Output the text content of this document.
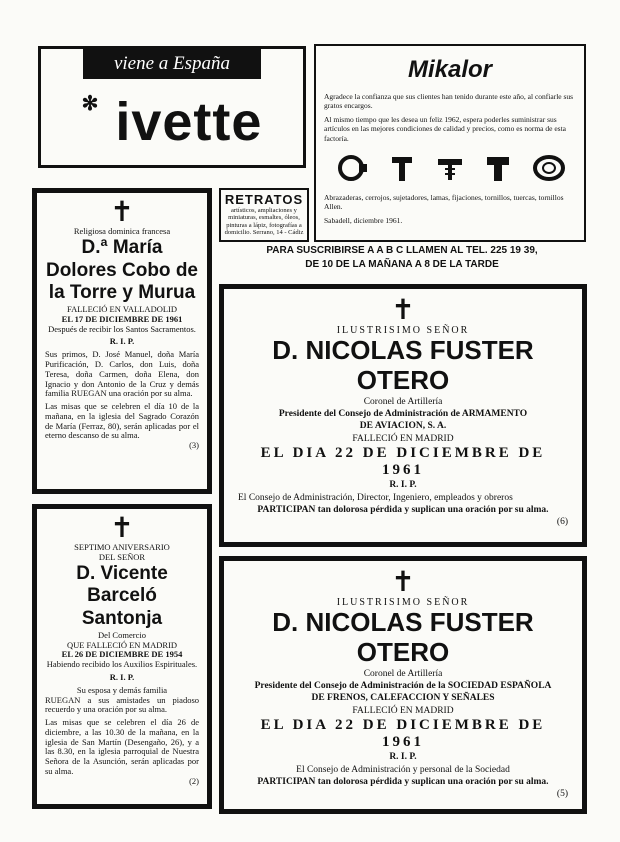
viene a España
✻ ivette
Mikalor

Agradece la confianza que sus clientes han tenido durante este año, al confiarle sus gratos encargos.

Al mismo tiempo que les desea un feliz 1962, espera poderles suministrar sus artículos en las mejores condiciones de calidad y precios, como es norma de esta factoría.

Abrazaderas, cerrojos, sujetadores, lamas, fijaciones, tornillos, tuercas, tornillos Allen.

Sabadell, diciembre 1961.

RETRATOS
artísticos, ampliaciones y miniaturas, esmaltes, óleos, pinturas a lápiz, fotografías a domicilio. Serrano, 14 - Cádiz
✝

Religiosa dominica francesa

D.ª María Dolores Cobo de la Torre y Murua

FALLECIÓ EN VALLADOLID

EL 17 DE DICIEMBRE DE 1961

Después de recibir los Santos Sacramentos.

R. I. P.

Sus primos, D. José Manuel, doña María Purificación, D. Carlos, don Luis, doña Teresa, doña Carmen, doña Elena, don Ignacio y don Antonio de la Cruz y demás familia RUEGAN una oración por su alma.

Las misas que se celebren el día 10 de la mañana, en la iglesia del Sagrado Corazón de María (Ferraz, 80), serán aplicadas por el eterno descanso de su alma.

(3)

✝

SEPTIMO ANIVERSARIO

DEL SEÑOR

D. Vicente Barceló Santonja

Del Comercio

QUE FALLECIÓ EN MADRID

EL 26 DE DICIEMBRE DE 1954

Habiendo recibido los Auxilios Espirituales.

R. I. P.

Su esposa y demás familia

RUEGAN a sus amistades un piadoso recuerdo y una oración por su alma.

Las misas que se celebren el día 26 de diciembre, a las 10.30 de la mañana, en la iglesia de San Martín (Desengaño, 26), y a las 8.30, en la iglesia parroquial de Nuestra Señora de la Asunción, serán aplicadas por su alma.

(2)

PARA SUSCRIBIRSE A A B C LLAMEN AL TEL. 225 19 39,
DE 10 DE LA MAÑANA A 8 DE LA TARDE
✝
ILUSTRISIMO SEÑOR
D. NICOLAS FUSTER OTERO
Coronel de Artillería
Presidente del Consejo de Administración de ARMAMENTO
DE AVIACION, S. A.
FALLECIÓ EN MADRID
EL DIA 22 DE DICIEMBRE DE 1961
R. I. P.
El Consejo de Administración, Director, Ingeniero, empleados y obreros
PARTICIPAN tan dolorosa pérdida y suplican una oración por su alma.
(6)
✝
ILUSTRISIMO SEÑOR
D. NICOLAS FUSTER OTERO
Coronel de Artillería
Presidente del Consejo de Administración de la SOCIEDAD ESPAÑOLA
DE FRENOS, CALEFACCION Y SEÑALES
FALLECIÓ EN MADRID
EL DIA 22 DE DICIEMBRE DE 1961
R. I. P.
El Consejo de Administración y personal de la Sociedad
PARTICIPAN tan dolorosa pérdida y suplican una oración por su alma.
(5)
